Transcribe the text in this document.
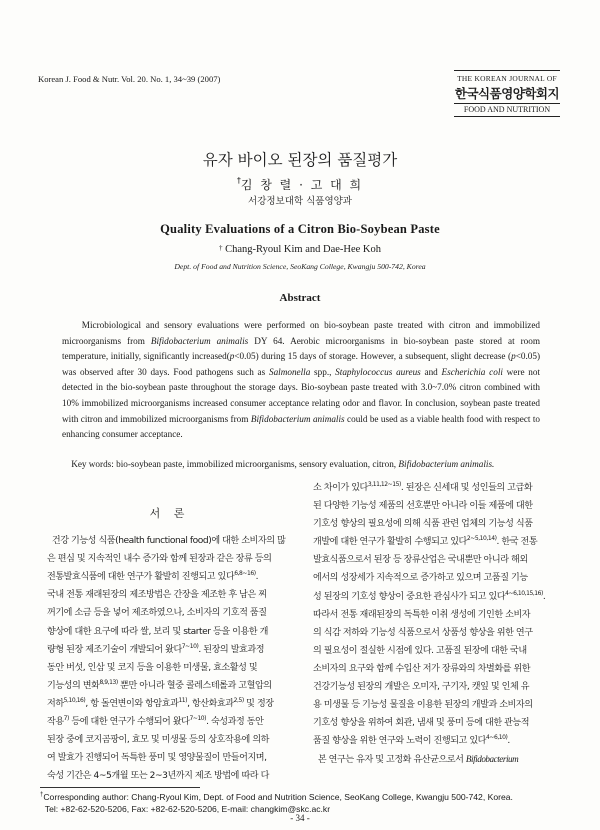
Korean J. Food & Nutr. Vol. 20. No. 1, 34~39 (2007)	THE KOREAN JOURNAL OF
한국식품영양학회지
FOOD AND NUTRITION
유자 바이오 된장의 품질평가
†김 창 렬 · 고 대 희
서강정보대학 식품영양과
Quality Evaluations of a Citron Bio-Soybean Paste
† Chang-Ryoul Kim and Dae-Hee Koh
Dept. of Food and Nutrition Science, SeoKang College, Kwangju 500-742, Korea
Abstract
Microbiological and sensory evaluations were performed on bio-soybean paste treated with citron and immobilized microorganisms from Bifidobacterium animalis DY 64. Aerobic microorganisms in bio-soybean paste stored at room temperature, initially, significantly increased(p<0.05) during 15 days of storage. However, a subsequent, slight decrease (p<0.05) was observed after 30 days. Food pathogens such as Salmonella spp., Staphylococcus aureus and Escherichia coli were not detected in the bio-soybean paste throughout the storage days. Bio-soybean paste treated with 3.0~7.0% citron combined with 10% immobilized microorganisms increased consumer acceptance relating odor and flavor. In conclusion, soybean paste treated with citron and immobilized microorganisms from Bifidobacterium animalis could be used as a viable health food with respect to enhancing consumer acceptance.
Key words: bio-soybean paste, immobilized microorganisms, sensory evaluation, citron, Bifidobacterium animalis.
서 론
건강 기능성 식품(health functional food)에 대한 소비자의 많
은 편심 및 지속적인 내수 증가와 함께 된장과 같은 장류 등의
전통발효식품에 대한 연구가 활발히 진행되고 있다$^{6,8\sim 16)}$.
국내 전통 재래된장의 제조방법은 간장을 제조한 후 남은 찌
꺼기에 소금 등을 넣어 제조하였으나, 소비자의 기호적 품질
향상에 대한 요구에 따라 쌀, 보리 및 starter 등을 이용한 개
량형 된장 제조기술이 개발되어 왔다$^{7\sim 10)}$. 된장의 발효과정
동안 버섯, 인삼 및 코지 등을 이용한 미생물, 효소활성 및
기능성의 변화$^{8,9,13)}$ 뿐만 아니라 혈중 콜레스테롤과 고혈압의
저하$^{5,10,16)}$, 항 돌연변이와 항암효과$^{11)}$, 항산화효과$^{2,5)}$ 및 정장
작용$^{7)}$ 등에 대한 연구가 수행되어 왔다$^{7\sim 10)}$. 숙성과정 동안
된장 중에 코지곰팡이, 효모 및 미생물 등의 상호작용에 의하
여 발효가 진행되어 독특한 풍미 및 영양물질이 만들어지며,
숙성 기간은 4~5개월 또는 2~3년까지 제조 방법에 따라 다
소 차이가 있다$^{3,11,12\sim 15)}$. 된장은 신세대 및 성인들의 고급화
된 다양한 기능성 제품의 선호뿐만 아니라 이들 제품에 대한
기호성 향상의 필요성에 의해 식품 관련 업체의 기능성 식품
개발에 대한 연구가 활발히 수행되고 있다$^{2\sim 5,10,14)}$. 한국 전통
발효식품으로서 된장 등 장류산업은 국내뿐만 아니라 해외
에서의 성장세가 지속적으로 증가하고 있으며 고품질 기능
성 된장의 기호성 향상이 중요한 관심사가 되고 있다$^{4\sim 6,10,15,16)}$.
따라서 전통 재래된장의 독특한 이취 생성에 기인한 소비자
의 식감 저하와 기능성 식품으로서 상품성 향상을 위한 연구
의 필요성이 절실한 시점에 있다. 고품질 된장에 대한 국내
소비자의 요구와 함께 수입산 저가 장류와의 차별화를 위한
건강기능성 된장의 개발은 오미자, 구기자, 캣잎 및 인체 유
용 미생물 등 기능성 물질을 이용한 된장의 개발과 소비자의
기호성 향상을 위하여 회관, 냄새 및 풍미 등에 대한 관능적
품질 향상을 위한 연구와 노력이 진행되고 있다$^{4\sim 6,10)}$.
본 연구는 유자 및 고정화 유산균으로서 Bifidobacterium
†Corresponding author: Chang-Ryoul Kim, Dept. of Food and Nutrition Science, SeoKang College, Kwangju 500-742, Korea.
Tel: +82-62-520-5206, Fax: +82-62-520-5206, E-mail: changkim@skc.ac.kr
- 34 -
